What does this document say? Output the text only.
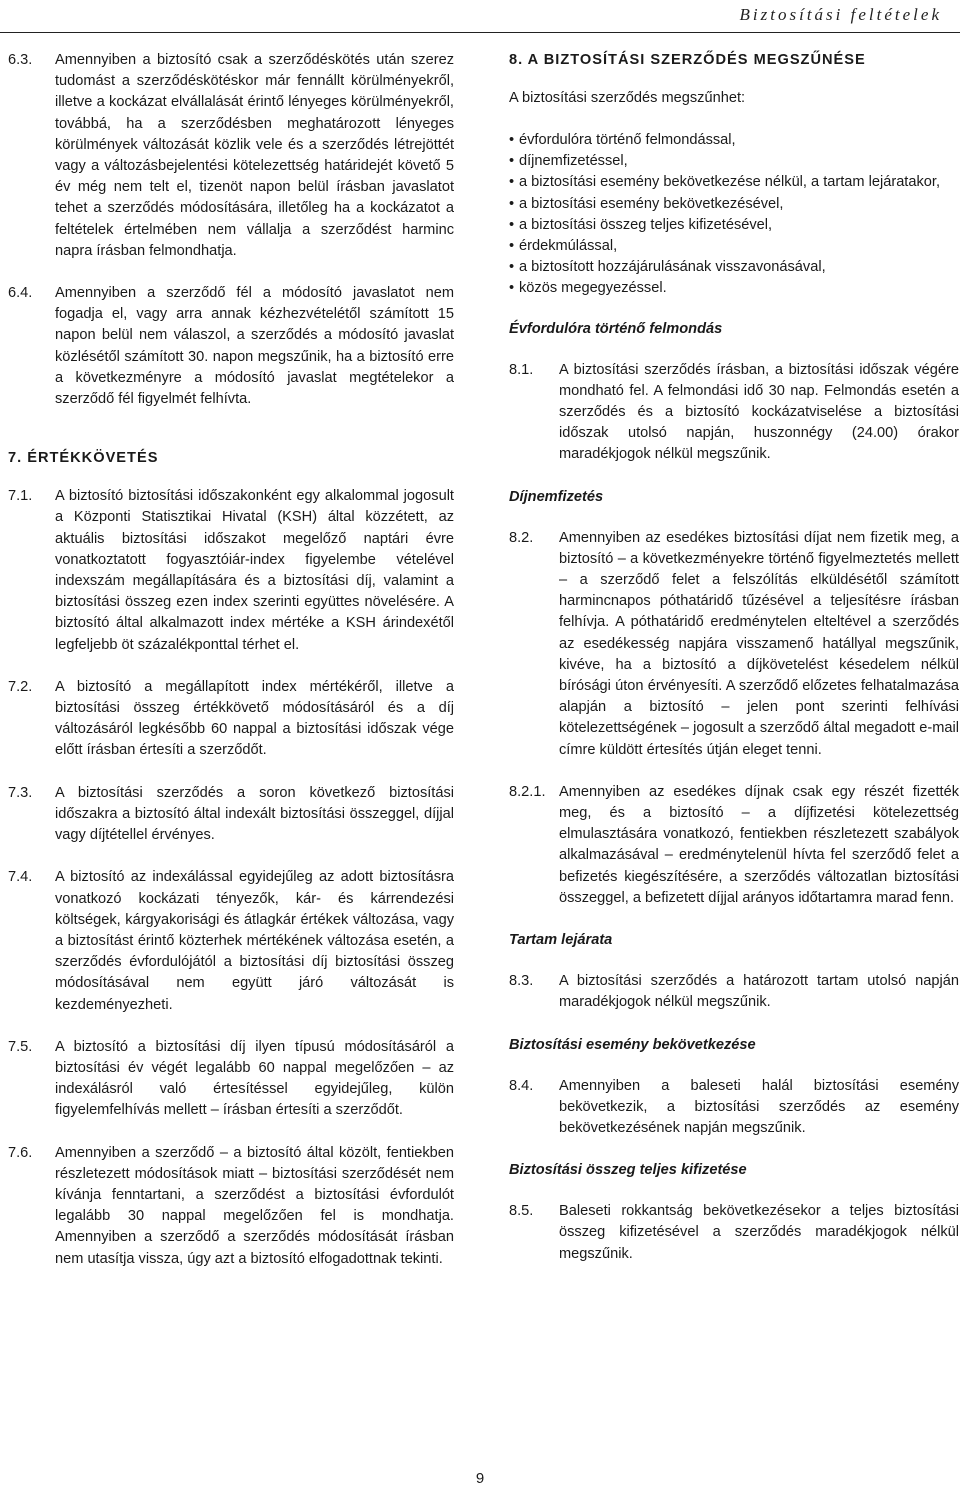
Biztosítási feltételek
6.3.	Amennyiben a biztosító csak a szerződéskötés után szerez tudomást a szerződéskötéskor már fennállt körülményekről, illetve a kockázat elvállalását érintő lényeges körülményekről, továbbá, ha a szerződésben meghatározott lényeges körülmények változását közlik vele és a szerződés létrejöttét vagy a változásbejelentési kötelezettség határidejét követő 5 év még nem telt el, tizenöt napon belül írásban javaslatot tehet a szerződés módosítására, illetőleg ha a kockázatot a feltételek értelmében nem vállalja a szerződést harminc napra írásban felmondhatja.
6.4.	Amennyiben a szerződő fél a módosító javaslatot nem fogadja el, vagy arra annak kézhezvételétől számított 15 napon belül nem válaszol, a szerződés a módosító javaslat közlésétől számított 30. napon megszűnik, ha a biztosító erre a következményre a módosító javaslat megtételekor a szerződő fél figyelmét felhívta.
7. ÉRTÉKKÖVETÉS
7.1.	A biztosító biztosítási időszakonként egy alkalommal jogosult a Központi Statisztikai Hivatal (KSH) által közzétett, az aktuális biztosítási időszakot megelőző naptári évre vonatkoztatott fogyasztóiár-index figyelembe vételével indexszám megállapítására és a biztosítási díj, valamint a biztosítási összeg ezen index szerinti együttes növelésére. A biztosító által alkalmazott index mértéke a KSH árindexétől legfeljebb öt százalékponttal térhet el.
7.2.	A biztosító a megállapított index mértékéről, illetve a biztosítási összeg értékkövető módosításáról és a díj változásáról legkésőbb 60 nappal a biztosítási időszak vége előtt írásban értesíti a szerződőt.
7.3.	A biztosítási szerződés a soron következő biztosítási időszakra a biztosító által indexált biztosítási összeggel, díjjal vagy díjtétellel érvényes.
7.4.	A biztosító az indexálással egyidejűleg az adott biztosításra vonatkozó kockázati tényezők, kár- és kárrendezési költségek, kárgyakorisági és átlagkár értékek változása, vagy a biztosítást érintő közterhek mértékének változása esetén, a szerződés évfordulójától a biztosítási díj biztosítási összeg módosításával nem együtt járó változását is kezdeményezheti.
7.5.	A biztosító a biztosítási díj ilyen típusú módosításáról a biztosítási év végét legalább 60 nappal megelőzően – az indexálásról való értesítéssel egyidejűleg, külön figyelemfelhívás mellett – írásban értesíti a szerződőt.
7.6.	Amennyiben a szerződő – a biztosító által közölt, fentiekben részletezett módosítások miatt – biztosítási szerződését nem kívánja fenntartani, a szerződést a biztosítási évfordulót legalább 30 nappal megelőzően fel is mondhatja. Amennyiben a szerződő a szerződés módosítását írásban nem utasítja vissza, úgy azt a biztosító elfogadottnak tekinti.
8. A BIZTOSÍTÁSI SZERZŐDÉS MEGSZŰNÉSE

A biztosítási szerződés megszűnhet:

• évfordulóra történő felmondással,
• díjnemfizetéssel,
• a biztosítási esemény bekövetkezése nélkül, a tartam lejáratakor,
• a biztosítási esemény bekövetkezésével,
• a biztosítási összeg teljes kifizetésével,
• érdekmúlással,
• a biztosított hozzájárulásának visszavonásával,
• közös megegyezéssel.
Évfordulóra történő felmondás
8.1.	A biztosítási szerződés írásban, a biztosítási időszak végére mondható fel. A felmondási idő 30 nap. Felmondás esetén a szerződés és a biztosító kockázatviselése a biztosítási időszak utolsó napján, huszonnégy (24.00) órakor maradékjogok nélkül megszűnik.
Díjnemfizetés
8.2.	Amennyiben az esedékes biztosítási díjat nem fizetik meg, a biztosító – a következményekre történő figyelmeztetés mellett – a szerződő felet a felszólítás elküldésétől számított harmincnapos póthatáridő tűzésével a teljesítésre írásban felhívja. A póthatáridő eredménytelen elteltével a szerződés az esedékesség napjára visszamenő hatállyal megszűnik, kivéve, ha a biztosító a díjkövetelést késedelem nélkül bírósági úton érvényesíti. A szerződő előzetes felhatalmazása alapján a biztosító – jelen pont szerinti felhívási kötelezettségének – jogosult a szerződő által megadott e-mail címre küldött értesítés útján eleget tenni.
8.2.1. Amennyiben az esedékes díjnak csak egy részét fizették meg, és a biztosító – a díjfizetési kötelezettség elmulasztására vonatkozó, fentiekben részletezett szabályok alkalmazásával – eredménytelenül hívta fel szerződő felet a befizetés kiegészítésére, a szerződés változatlan biztosítási összeggel, a befizetett díjjal arányos időtartamra marad fenn.
Tartam lejárata
8.3.	A biztosítási szerződés a határozott tartam utolsó napján maradékjogok nélkül megszűnik.
Biztosítási esemény bekövetkezése
8.4.	Amennyiben a baleseti halál biztosítási esemény bekövetkezik, a biztosítási szerződés az esemény bekövetkezésének napján megszűnik.
Biztosítási összeg teljes kifizetése
8.5.	Baleseti rokkantság bekövetkezésekor a teljes biztosítási összeg kifizetésével a szerződés maradékjogok nélkül megszűnik.
9
